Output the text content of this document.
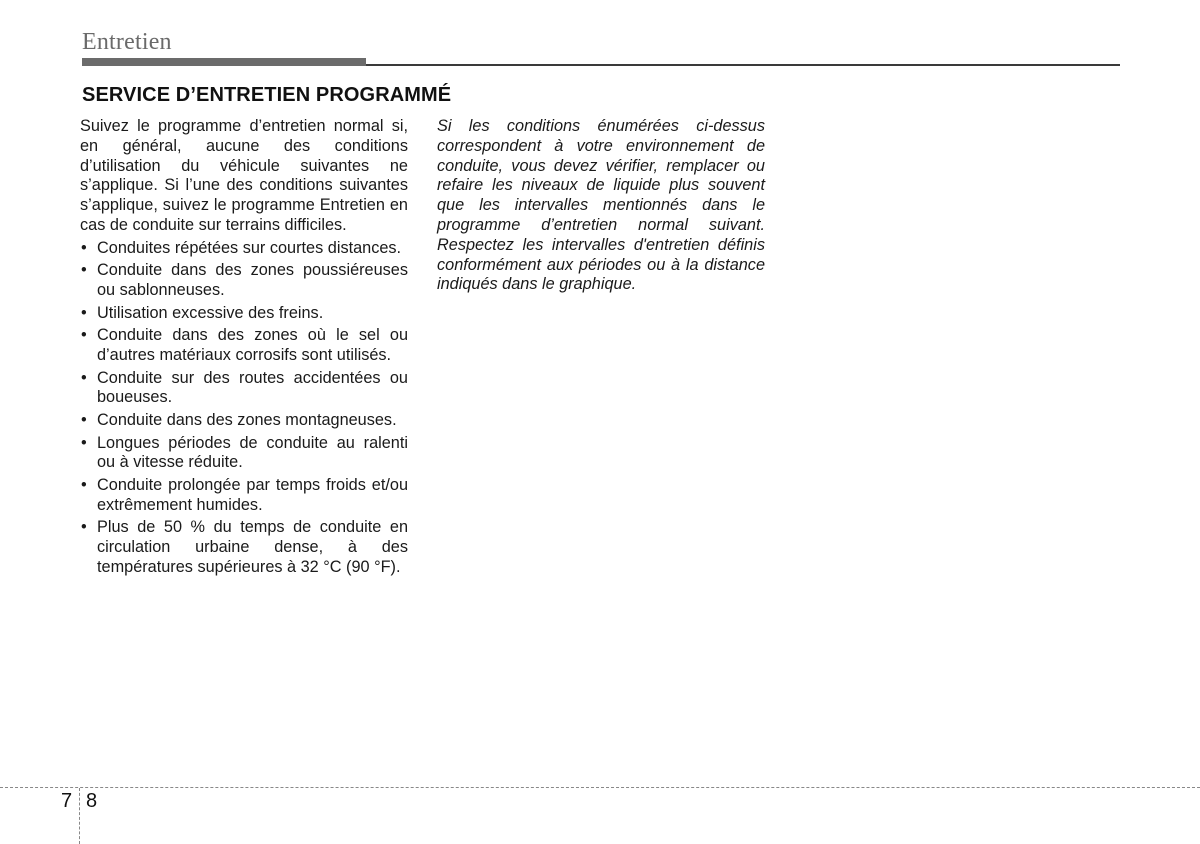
Entretien
SERVICE D’ENTRETIEN PROGRAMMÉ

Suivez le programme d’entretien normal si, en général, aucune des conditions d’utilisation du véhicule suivantes ne s’applique. Si l’une des conditions suivantes s’applique, suivez le programme Entretien en cas de conduite sur terrains difficiles.

• Conduites répétées sur courtes distances.
• Conduite dans des zones poussiéreuses ou sablonneuses.
• Utilisation excessive des freins.
• Conduite dans des zones où le sel ou d’autres matériaux corrosifs sont utilisés.
• Conduite sur des routes accidentées ou boueuses.
• Conduite dans des zones montagneuses.
• Longues périodes de conduite au ralenti ou à vitesse réduite.
• Conduite prolongée par temps froids et/ou extrêmement humides.
• Plus de 50 % du temps de conduite en circulation urbaine dense, à des températures supérieures à 32 °C (90 °F).

Si les conditions énumérées ci-dessus correspondent à votre environnement de conduite, vous devez vérifier, remplacer ou refaire les niveaux de liquide plus souvent que les intervalles mentionnés dans le programme d’entretien normal suivant. Respectez les intervalles d'entretien définis conformément aux périodes ou à la distance indiqués dans le graphique.

7 8
